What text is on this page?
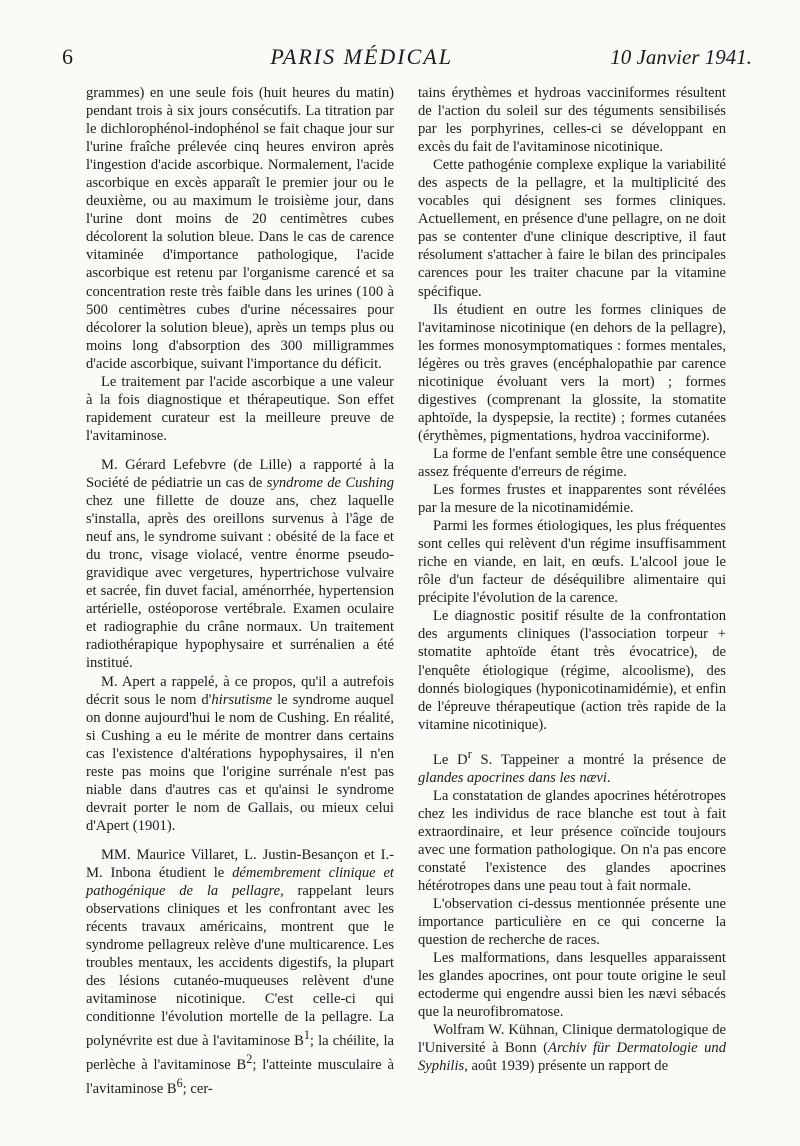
6	PARIS MÉDICAL	10 Janvier 1941.

grammes) en une seule fois (huit heures du matin) pendant trois à six jours consécutifs. La titration par le dichlorophénol-indophénol se fait chaque jour sur l'urine fraîche prélevée cinq heures environ après l'ingestion d'acide ascorbique. Normalement, l'acide ascorbique en excès apparaît le premier jour ou le deuxième, ou au maximum le troisième jour, dans l'urine dont moins de 20 centimètres cubes décolorent la solution bleue. Dans le cas de carence vitaminée d'importance pathologique, l'acide ascorbique est retenu par l'organisme carencé et sa concentration reste très faible dans les urines (100 à 500 centimètres cubes d'urine nécessaires pour décolorer la solution bleue), après un temps plus ou moins long d'absorption des 300 milligrammes d'acide ascorbique, suivant l'importance du déficit.

Le traitement par l'acide ascorbique a une valeur à la fois diagnostique et thérapeutique. Son effet rapidement curateur est la meilleure preuve de l'avitaminose.

M. Gérard Lefebvre (de Lille) a rapporté à la Société de pédiatrie un cas de syndrome de Cushing chez une fillette de douze ans, chez laquelle s'installa, après des oreillons survenus à l'âge de neuf ans, le syndrome suivant : obésité de la face et du tronc, visage violacé, ventre énorme pseudo-gravidique avec vergetures, hypertrichose vulvaire et sacrée, fin duvet facial, aménorrhée, hypertension artérielle, ostéoporose vertébrale. Examen oculaire et radiographie du crâne normaux. Un traitement radiothérapique hypophysaire et surrénalien a été institué.

M. Apert a rappelé, à ce propos, qu'il a autrefois décrit sous le nom d'hirsutisme le syndrome auquel on donne aujourd'hui le nom de Cushing. En réalité, si Cushing a eu le mérite de montrer dans certains cas l'existence d'altérations hypophysaires, il n'en reste pas moins que l'origine surrénale n'est pas niable dans d'autres cas et qu'ainsi le syndrome devrait porter le nom de Gallais, ou mieux celui d'Apert (1901).

MM. Maurice Villaret, L. Justin-Besançon et I.-M. Inbona étudient le démembrement clinique et pathogénique de la pellagre, rappelant leurs observations cliniques et les confrontant avec les récents travaux américains, montrent que le syndrome pellagreux relève d'une multicarence. Les troubles mentaux, les accidents digestifs, la plupart des lésions cutanéo-muqueuses relèvent d'une avitaminose nicotinique. C'est celle-ci qui conditionne l'évolution mortelle de la pellagre. La polynévrite est due à l'avitaminose $B^1$; la chéilite, la perlèche à l'avitaminose $B^2$; l'atteinte musculaire à l'avitaminose $B^6$; cer-

tains érythèmes et hydroas vacciniformes résultent de l'action du soleil sur des téguments sensibilisés par les porphyrines, celles-ci se développant en excès du fait de l'avitaminose nicotinique.

Cette pathogénie complexe explique la variabilité des aspects de la pellagre, et la multiplicité des vocables qui désignent ses formes cliniques. Actuellement, en présence d'une pellagre, on ne doit pas se contenter d'une clinique descriptive, il faut résolument s'attacher à faire le bilan des principales carences pour les traiter chacune par la vitamine spécifique.

Ils étudient en outre les formes cliniques de l'avitaminose nicotinique (en dehors de la pellagre), les formes monosymptomatiques : formes mentales, légères ou très graves (encéphalopathie par carence nicotinique évoluant vers la mort) ; formes digestives (comprenant la glossite, la stomatite aphtoïde, la dyspepsie, la rectite) ; formes cutanées (érythèmes, pigmentations, hydroa vacciniforme).

La forme de l'enfant semble être une conséquence assez fréquente d'erreurs de régime.

Les formes frustes et inapparentes sont révélées par la mesure de la nicotinamidémie.

Parmi les formes étiologiques, les plus fréquentes sont celles qui relèvent d'un régime insuffisamment riche en viande, en lait, en œufs. L'alcool joue le rôle d'un facteur de déséquilibre alimentaire qui précipite l'évolution de la carence.

Le diagnostic positif résulte de la confrontation des arguments cliniques (l'association torpeur + stomatite aphtoïde étant très évocatrice), de l'enquête étiologique (régime, alcoolisme), des donnés biologiques (hyponicotinamidémie), et enfin de l'épreuve thérapeutique (action très rapide de la vitamine nicotinique).

Le $D^r$ S. Tappeiner a montré la présence de glandes apocrines dans les nævi.

La constatation de glandes apocrines hétérotropes chez les individus de race blanche est tout à fait extraordinaire, et leur présence coïncide toujours avec une formation pathologique. On n'a pas encore constaté l'existence des glandes apocrines hétérotropes dans une peau tout à fait normale.

L'observation ci-dessus mentionnée présente une importance particulière en ce qui concerne la question de recherche de races.

Les malformations, dans lesquelles apparaissent les glandes apocrines, ont pour toute origine le seul ectoderme qui engendre aussi bien les nævi sébacés que la neurofibromatose.

Wolfram W. Kühnan, Clinique dermatologique de l'Université à Bonn (Archiv für Dermatologie und Syphilis, août 1939) présente un rapport de
